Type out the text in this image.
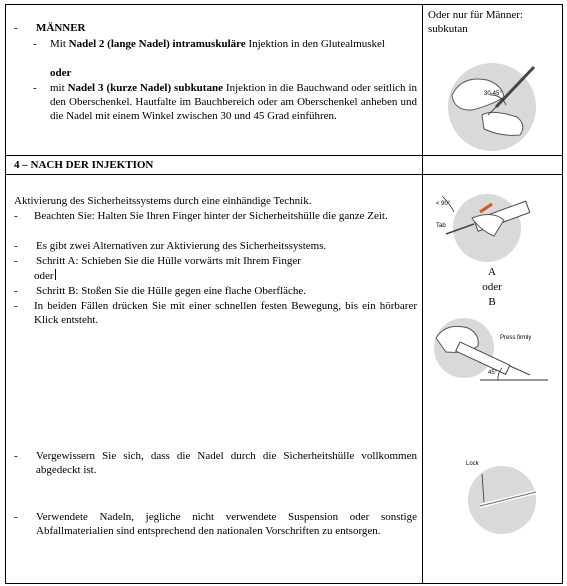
- MÄNNER
- Mit Nadel 2 (lange Nadel) intramuskuläre Injektion in den Glutealmuskel
oder
- mit Nadel 3 (kurze Nadel) subkutane Injektion in die Bauchwand oder seitlich in den Oberschenkel. Hautfalte im Bauchbereich oder am Oberschenkel anheben und die Nadel mit einem Winkel zwischen 30 und 45 Grad einführen.
Oder nur für Männer: subkutan
30-45°
4 – NACH DER INJEKTION
Aktivierung des Sicherheitssystems durch eine einhändige Technik.
- Beachten Sie: Halten Sie Ihren Finger hinter der Sicherheitshülle die ganze Zeit.
- Es gibt zwei Alternativen zur Aktivierung des Sicherheitssystems.
- Schritt A: Schieben Sie die Hülle vorwärts mit Ihrem Finger
oder
- Schritt B: Stoßen Sie die Hülle gegen eine flache Oberfläche.
- In beiden Fällen drücken Sie mit einer schnellen festen Bewegung, bis ein hörbarer Klick entsteht.
< 90°
Tab
A
oder
B
Press firmly
45°
- Vergewissern Sie sich, dass die Nadel durch die Sicherheitshülle vollkommen abgedeckt ist.	Lock
- Verwendete Nadeln, jegliche nicht verwendete Suspension oder sonstige Abfallmaterialien sind entsprechend den nationalen Vorschriften zu entsorgen.
